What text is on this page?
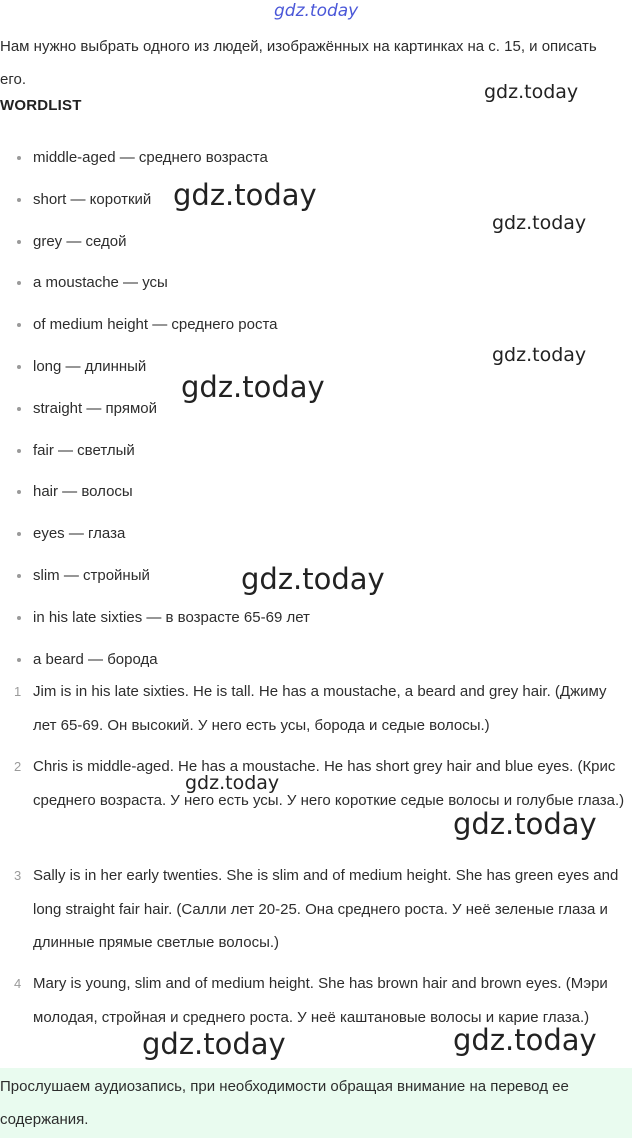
gdz.today
gdz.today
gdz.today
gdz.today
gdz.today
gdz.today
gdz.today
gdz.today
gdz.today
gdz.today	gdz.today
Нам нужно выбрать одного из людей, изображённых на картинках на с. 15, и описать его.
WORDLIST
middle-aged — среднего возраста
short — короткий
grey — седой
a moustache — усы
of medium height — среднего роста
long — длинный
straight — прямой
fair — светлый
hair — волосы
eyes — глаза
slim — стройный
in his late sixties — в возрасте 65-69 лет
a beard — борода
1 Jim is in his late sixties. He is tall. He has a moustache, a beard and grey hair. (Джиму лет 65-69. Он высокий. У него есть усы, борода и седые волосы.)
2 Chris is middle-aged. He has a moustache. He has short grey hair and blue eyes. (Крис среднего возраста. У него есть усы. У него короткие седые волосы и голубые глаза.)
3 Sally is in her early twenties. She is slim and of medium height. She has green eyes and long straight fair hair. (Салли лет 20-25. Она среднего роста. У неё зеленые глаза и длинные прямые светлые волосы.)
4 Mary is young, slim and of medium height. She has brown hair and brown eyes. (Мэри молодая, стройная и среднего роста. У неё каштановые волосы и карие глаза.)

Прослушаем аудиозапись, при необходимости обращая внимание на перевод ее содержания.
